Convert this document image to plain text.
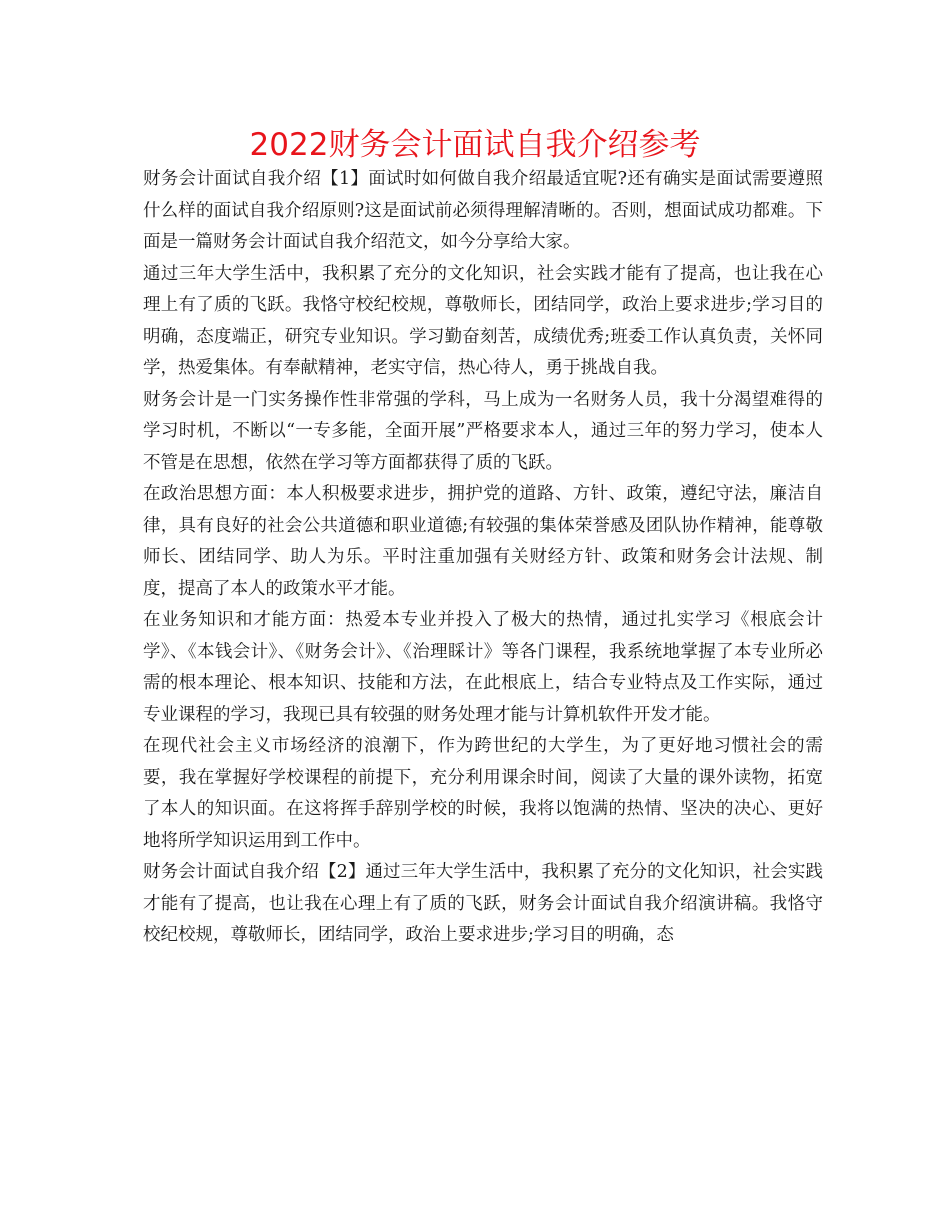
2022财务会计面试自我介绍参考

财务会计面试自我介绍【1】面试时如何做自我介绍最适宜呢?还有确实是面试需要遵照什么样的面试自我介绍原则?这是面试前必须得理解清晰的。否则，想面试成功都难。下面是一篇财务会计面试自我介绍范文，如今分享给大家。

通过三年大学生活中，我积累了充分的文化知识，社会实践才能有了提高，也让我在心理上有了质的飞跃。我恪守校纪校规，尊敬师长，团结同学，政治上要求进步;学习目的明确，态度端正，研究专业知识。学习勤奋刻苦，成绩优秀;班委工作认真负责，关怀同学，热爱集体。有奉献精神，老实守信，热心待人，勇于挑战自我。

财务会计是一门实务操作性非常强的学科，马上成为一名财务人员，我十分渴望难得的学习时机，不断以“一专多能，全面开展”严格要求本人，通过三年的努力学习，使本人不管是在思想，依然在学习等方面都获得了质的飞跃。

在政治思想方面：本人积极要求进步，拥护党的道路、方针、政策，遵纪守法，廉洁自律，具有良好的社会公共道德和职业道德;有较强的集体荣誉感及团队协作精神，能尊敬师长、团结同学、助人为乐。平时注重加强有关财经方针、政策和财务会计法规、制度，提高了本人的政策水平才能。

在业务知识和才能方面：热爱本专业并投入了极大的热情，通过扎实学习《根底会计学》、《本钱会计》、《财务会计》、《治理睬计》等各门课程，我系统地掌握了本专业所必需的根本理论、根本知识、技能和方法，在此根底上，结合专业特点及工作实际，通过专业课程的学习，我现已具有较强的财务处理才能与计算机软件开发才能。

在现代社会主义市场经济的浪潮下，作为跨世纪的大学生，为了更好地习惯社会的需要，我在掌握好学校课程的前提下，充分利用课余时间，阅读了大量的课外读物，拓宽了本人的知识面。在这将挥手辞别学校的时候，我将以饱满的热情、坚决的决心、更好地将所学知识运用到工作中。

财务会计面试自我介绍【2】通过三年大学生活中，我积累了充分的文化知识，社会实践才能有了提高，也让我在心理上有了质的飞跃，财务会计面试自我介绍演讲稿。我恪守校纪校规，尊敬师长，团结同学，政治上要求进步;学习目的明确，态
